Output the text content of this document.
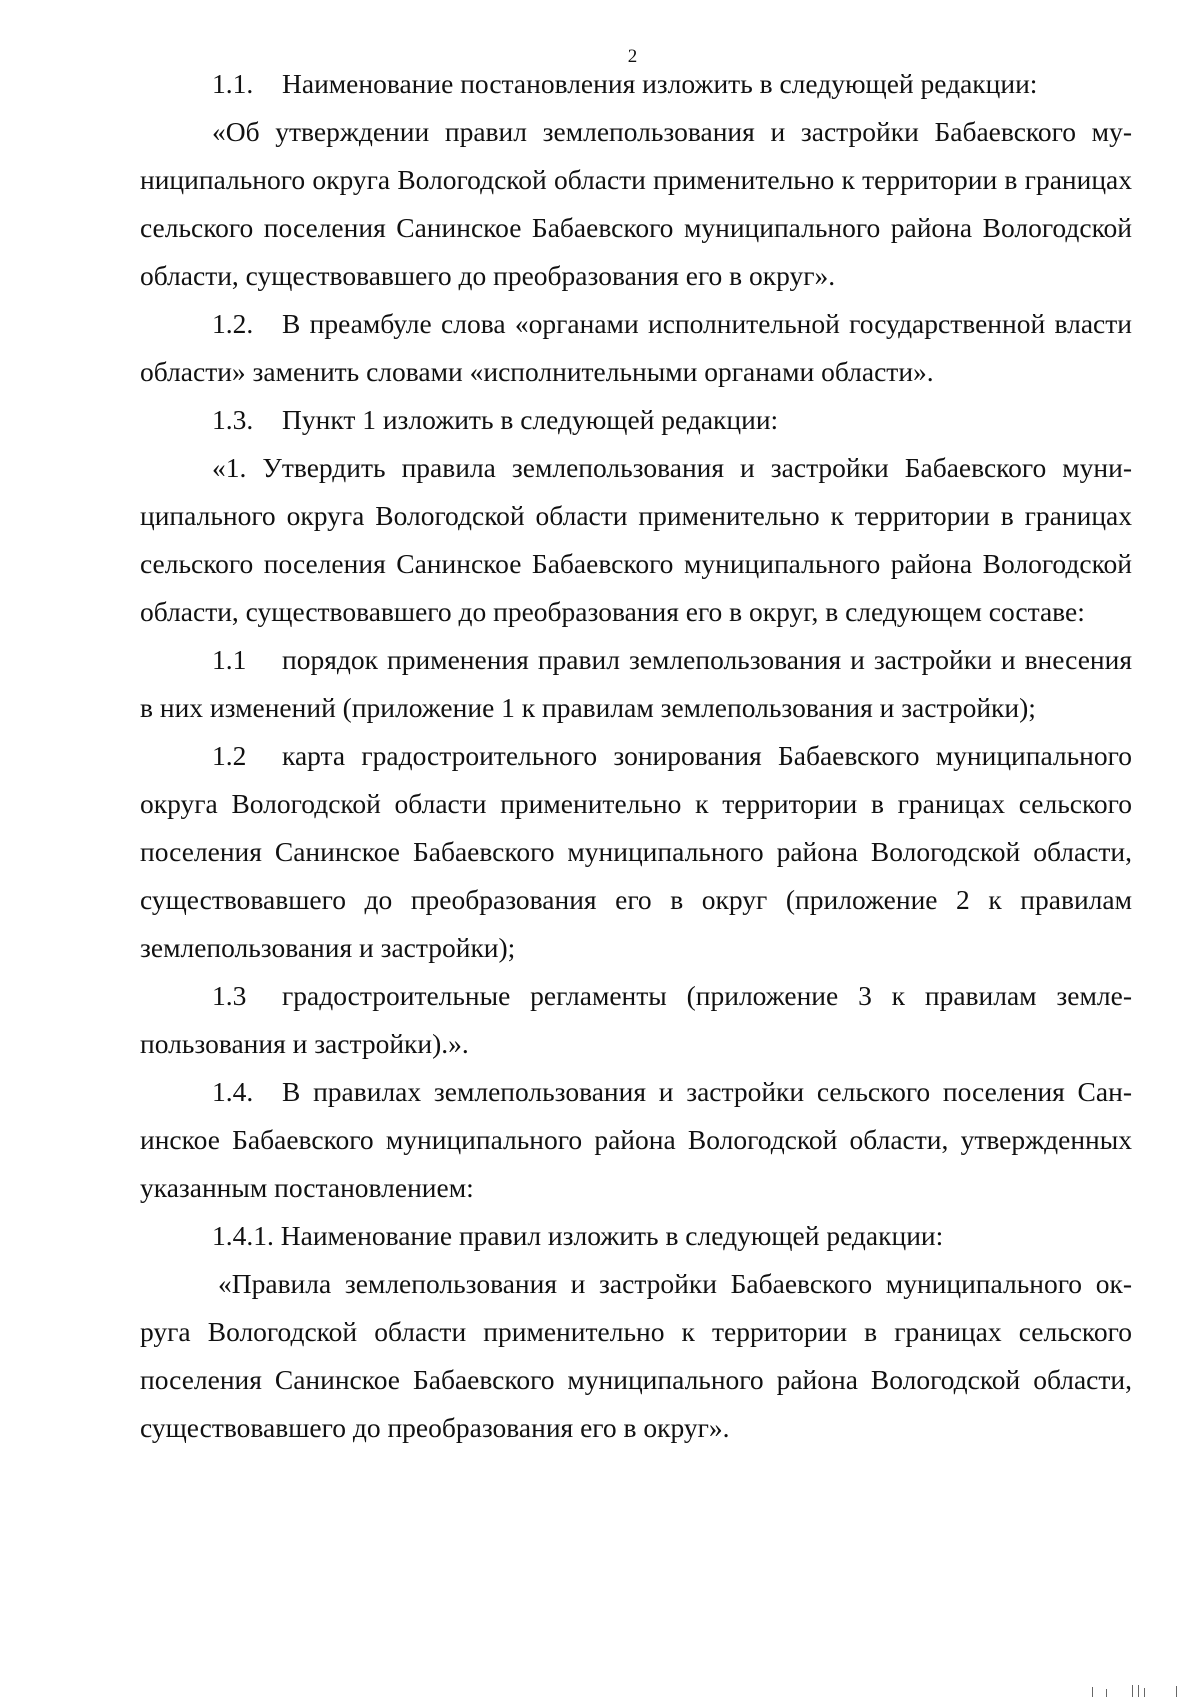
2

1.1. Наименование постановления изложить в следующей редакции:

«Об утверждении правил землепользования и застройки Бабаевского муниципального округа Вологодской области применительно к территории в границах сельского поселения Санинское Бабаевского муниципального района Вологодской области, существовавшего до преобразования его в округ».

1.2. В преамбуле слова «органами исполнительной государственной власти области» заменить словами «исполнительными органами области».

1.3. Пункт 1 изложить в следующей редакции:

«1. Утвердить правила землепользования и застройки Бабаевского муниципального округа Вологодской области применительно к территории в границах сельского поселения Санинское Бабаевского муниципального района Вологодской области, существовавшего до преобразования его в округ, в следующем составе:

1.1 порядок применения правил землепользования и застройки и внесения в них изменений (приложение 1 к правилам землепользования и застройки);

1.2 карта градостроительного зонирования Бабаевского муниципального округа Вологодской области применительно к территории в границах сельского поселения Санинское Бабаевского муниципального района Вологодской области, существовавшего до преобразования его в округ (приложение 2 к правилам землепользования и застройки);

1.3 градостроительные регламенты (приложение 3 к правилам землепользования и застройки).».

1.4. В правилах землепользования и застройки сельского поселения Санинское Бабаевского муниципального района Вологодской области, утвержденных указанным постановлением:

1.4.1. Наименование правил изложить в следующей редакции:

«Правила землепользования и застройки Бабаевского муниципального округа Вологодской области применительно к территории в границах сельского поселения Санинское Бабаевского муниципального района Вологодской области, существовавшего до преобразования его в округ».
